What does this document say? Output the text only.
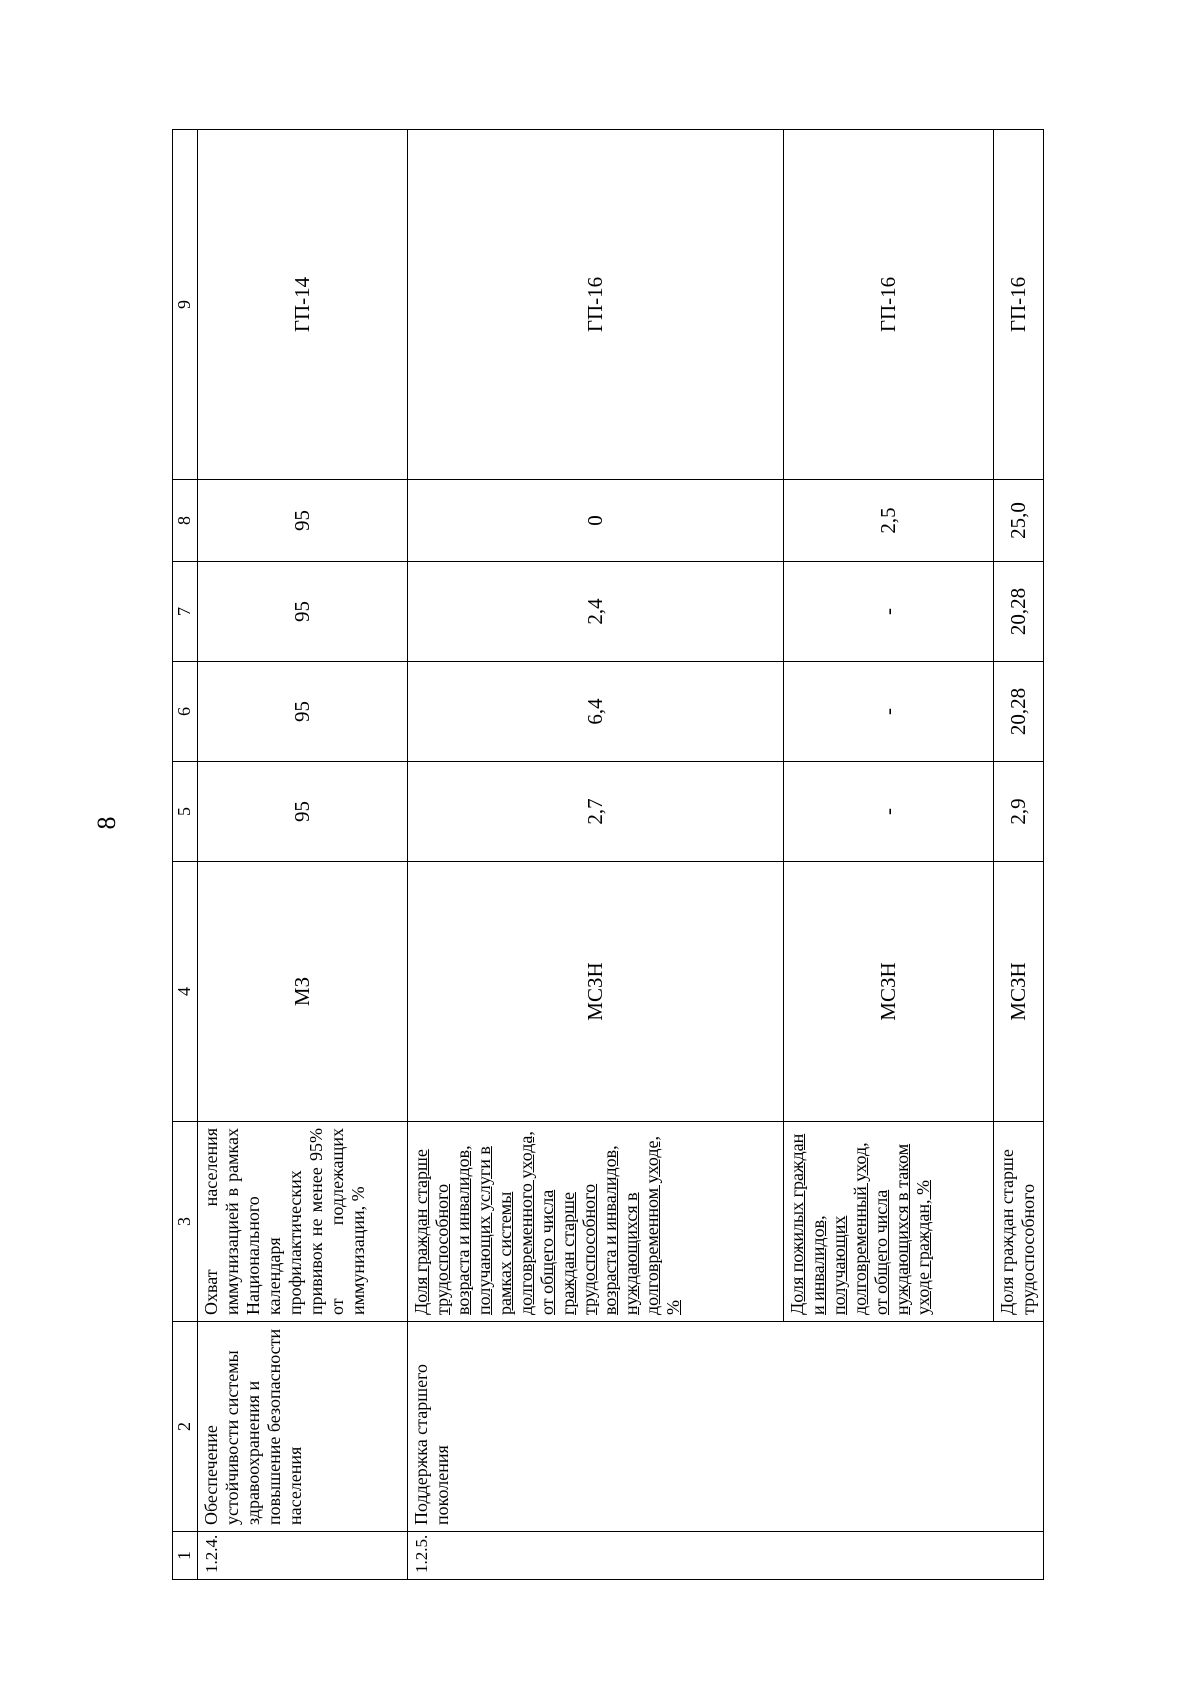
8
1	2	3	4	5	6	7	8	9
1.2.4.	Обеспечение устойчивости системы здравоохранения и повышение безопасности населения	Охват населения иммунизацией в рамках Национального календаря профилактических прививок не менее 95% от подлежащих иммунизации, %	МЗ	95	95	95	95	ГП-14
1.2.5.	Поддержка старшего поколения	Доля граждан старше трудоспособного возраста и инвалидов, получающих услуги в рамках системы долговременного ухода, от общего числа граждан старше трудоспособного возраста и инвалидов, нуждающихся в долговременном уходе, %	МСЗН	2,7	6,4	2,4	0	ГП-16
		Доля пожилых граждан и инвалидов, получающих долговременный уход, от общего числа нуждающихся в таком уходе граждан, %	МСЗН	-	-	-	2,5	ГП-16
		Доля граждан старше трудоспособного	МСЗН	2,9	20,28	20,28	25,0	ГП-16
